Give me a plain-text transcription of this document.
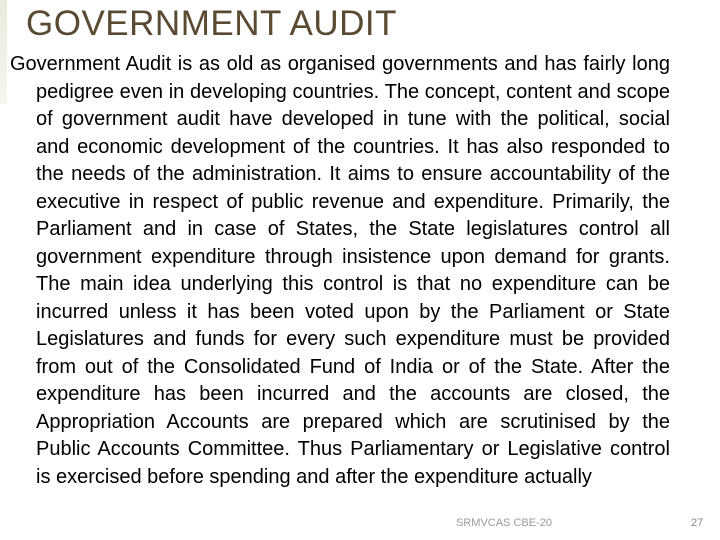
GOVERNMENT AUDIT

Government Audit is as old as organised governments and has fairly long pedigree even in developing countries. The concept, content and scope of government audit have developed in tune with the political, social and economic development of the countries. It has also responded to the needs of the administration. It aims to ensure accountability of the executive in respect of public revenue and expenditure. Primarily, the Parliament and in case of States, the State legislatures control all government expenditure through insistence upon demand for grants. The main idea underlying this control is that no expenditure can be incurred unless it has been voted upon by the Parliament or State Legislatures and funds for every such expenditure must be provided from out of the Consolidated Fund of India or of the State. After the expenditure has been incurred and the accounts are closed, the Appropriation Accounts are prepared which are scrutinised by the Public Accounts Committee. Thus Parliamentary or Legislative control is exercised before spending and after the expenditure actually

SRMVCAS CBE-20	27
